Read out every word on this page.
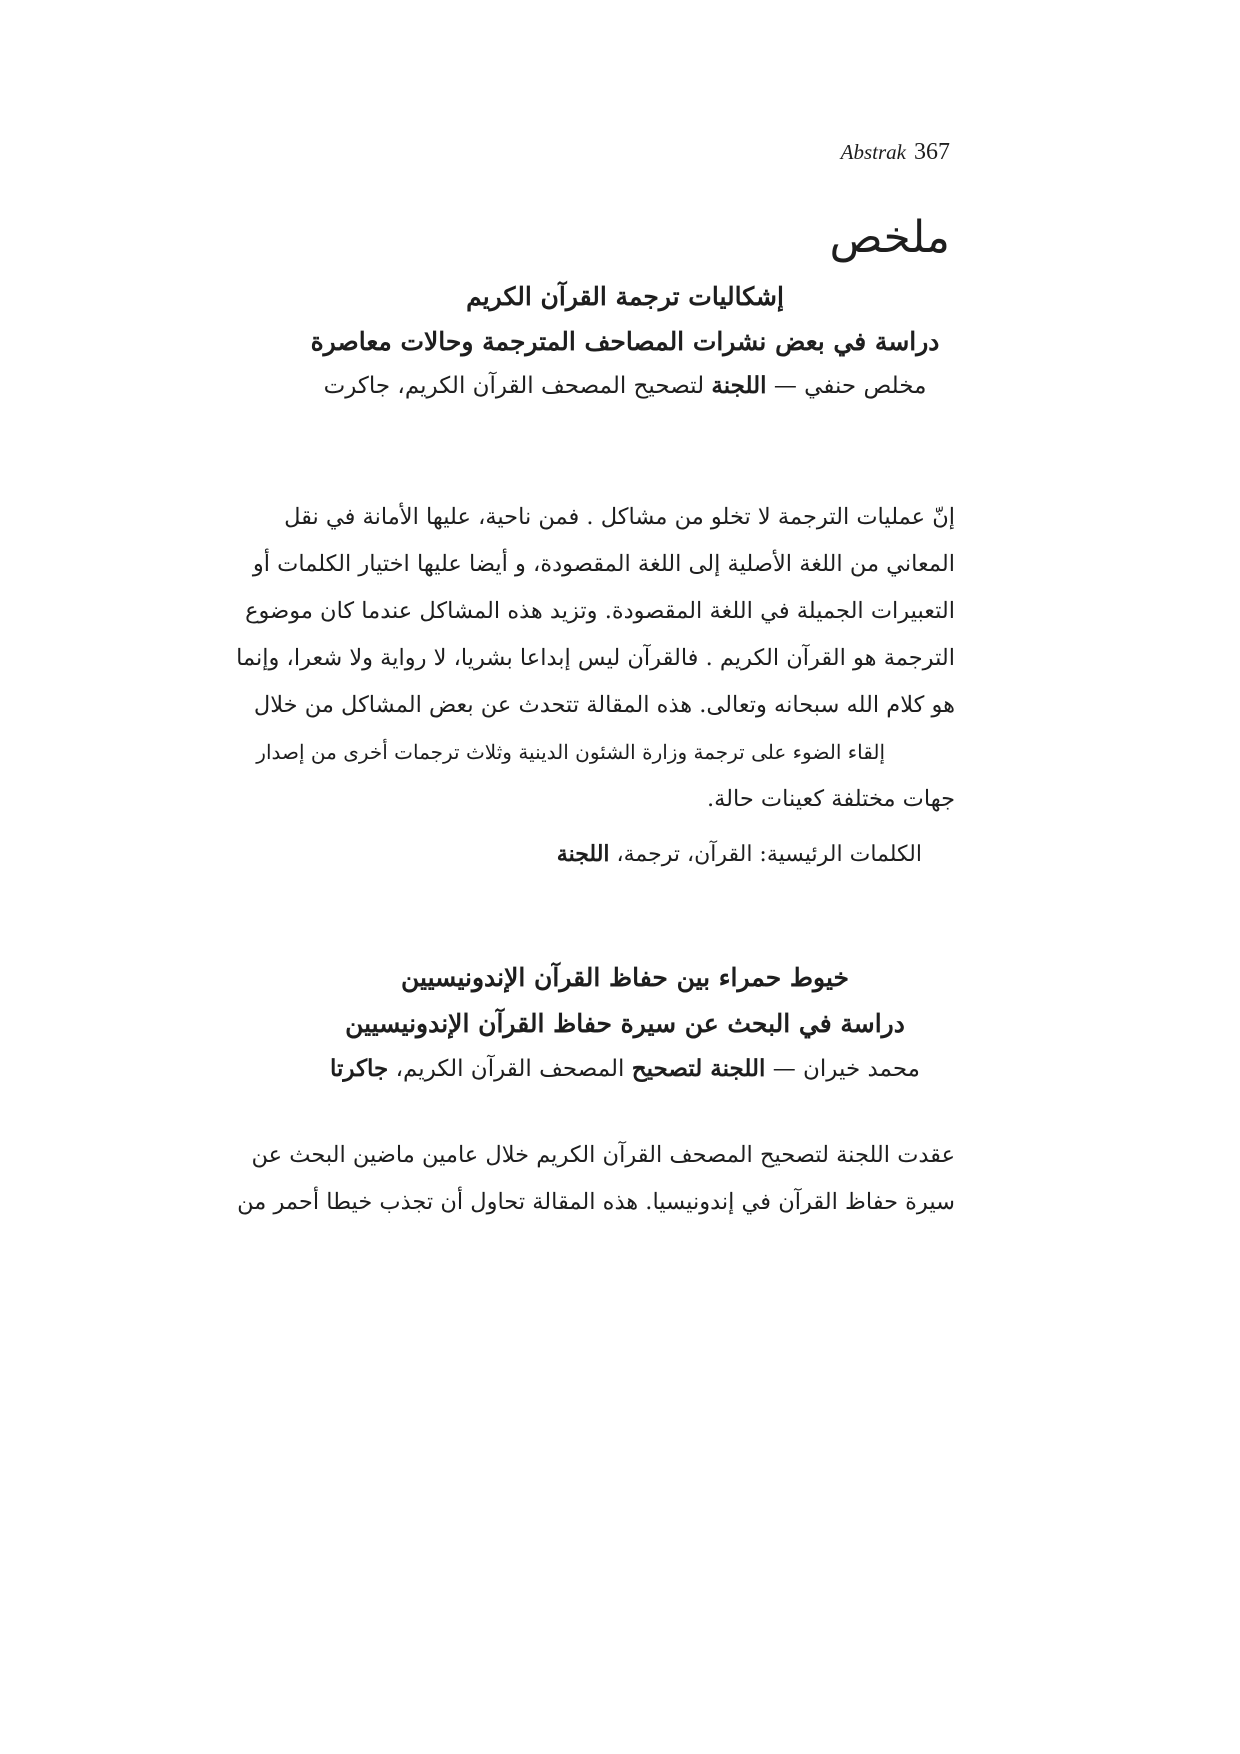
Abstrak 367
ملخص
إشكاليات ترجمة القرآن الكريم
دراسة في بعض نشرات المصاحف المترجمة وحالات معاصرة
مخلص حنفي — اللجنة لتصحيح المصحف القرآن الكريم، جاكرت
إنّ عمليات الترجمة لا تخلو من مشاكل . فمن ناحية، عليها الأمانة في نقل
المعاني من اللغة الأصلية إلى اللغة المقصودة، و أيضا عليها اختيار الكلمات أو
التعبيرات الجميلة في اللغة المقصودة. وتزيد هذه المشاكل عندما كان موضوع
الترجمة هو القرآن الكريم . فالقرآن ليس إبداعا بشريا، لا رواية ولا شعرا، وإنما
هو كلام الله سبحانه وتعالى. هذه المقالة تتحدث عن بعض المشاكل من خلال
إلقاء الضوء على ترجمة وزارة الشئون الدينية وثلاث ترجمات أخرى من إصدار
جهات مختلفة كعينات حالة.
الكلمات الرئيسية: القرآن، ترجمة، اللجنة
خيوط حمراء بين حفاظ القرآن الإندونيسيين
دراسة في البحث عن سيرة حفاظ القرآن الإندونيسيين
محمد خيران — اللجنة لتصحيح المصحف القرآن الكريم، جاكرتا
عقدت اللجنة لتصحيح المصحف القرآن الكريم خلال عامين ماضين البحث عن
سيرة حفاظ القرآن في إندونيسيا. هذه المقالة تحاول أن تجذب خيطا أحمر من
